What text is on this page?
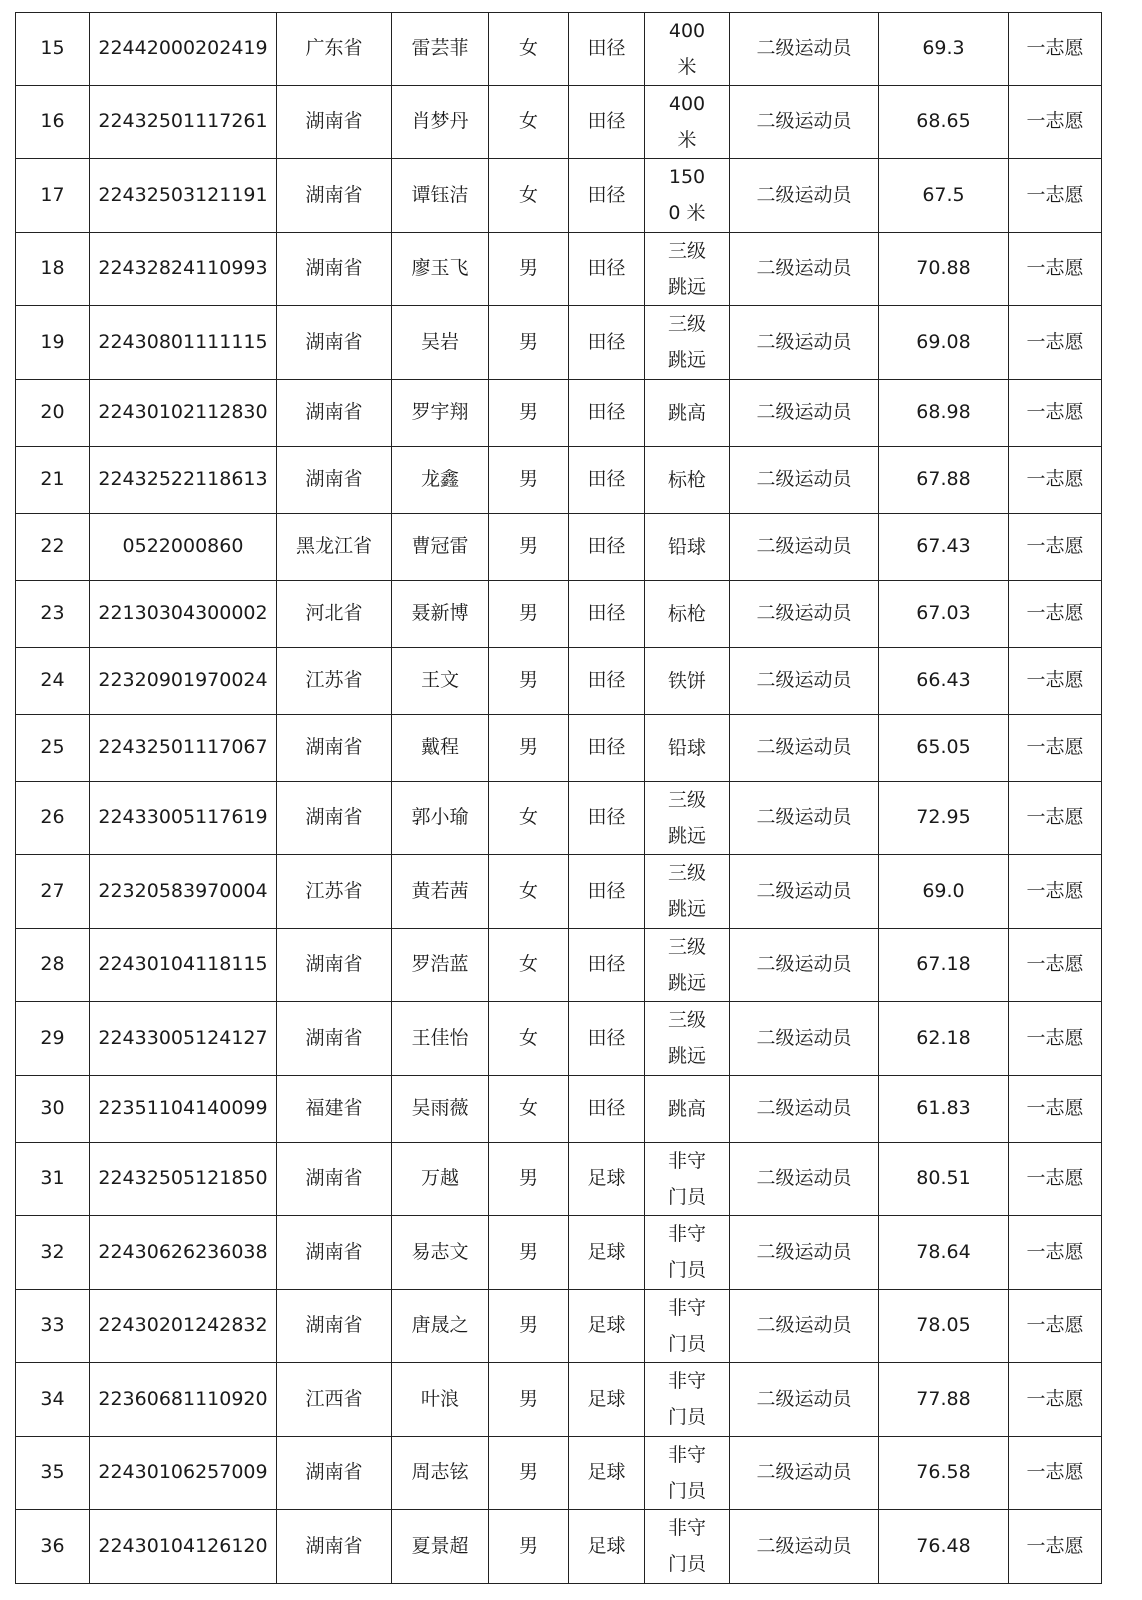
15	22442000202419	广东省	雷芸菲	女	田径	400 米	二级运动员	69.3	一志愿
16	22432501117261	湖南省	肖梦丹	女	田径	400 米	二级运动员	68.65	一志愿
17	22432503121191	湖南省	谭钰洁	女	田径	1500 米	二级运动员	67.5	一志愿
18	22432824110993	湖南省	廖玉飞	男	田径	三级跳远	二级运动员	70.88	一志愿
19	22430801111115	湖南省	吴岩	男	田径	三级跳远	二级运动员	69.08	一志愿
20	22430102112830	湖南省	罗宇翔	男	田径	跳高	二级运动员	68.98	一志愿
21	22432522118613	湖南省	龙鑫	男	田径	标枪	二级运动员	67.88	一志愿
22	0522000860	黑龙江省	曹冠雷	男	田径	铅球	二级运动员	67.43	一志愿
23	22130304300002	河北省	聂新博	男	田径	标枪	二级运动员	67.03	一志愿
24	22320901970024	江苏省	王文	男	田径	铁饼	二级运动员	66.43	一志愿
25	22432501117067	湖南省	戴程	男	田径	铅球	二级运动员	65.05	一志愿
26	22433005117619	湖南省	郭小瑜	女	田径	三级跳远	二级运动员	72.95	一志愿
27	22320583970004	江苏省	黄若茜	女	田径	三级跳远	二级运动员	69.0	一志愿
28	22430104118115	湖南省	罗浩蓝	女	田径	三级跳远	二级运动员	67.18	一志愿
29	22433005124127	湖南省	王佳怡	女	田径	三级跳远	二级运动员	62.18	一志愿
30	22351104140099	福建省	吴雨薇	女	田径	跳高	二级运动员	61.83	一志愿
31	22432505121850	湖南省	万越	男	足球	非守门员	二级运动员	80.51	一志愿
32	22430626236038	湖南省	易志文	男	足球	非守门员	二级运动员	78.64	一志愿
33	22430201242832	湖南省	唐晟之	男	足球	非守门员	二级运动员	78.05	一志愿
34	22360681110920	江西省	叶浪	男	足球	非守门员	二级运动员	77.88	一志愿
35	22430106257009	湖南省	周志铉	男	足球	非守门员	二级运动员	76.58	一志愿
36	22430104126120	湖南省	夏景超	男	足球	非守门员	二级运动员	76.48	一志愿
